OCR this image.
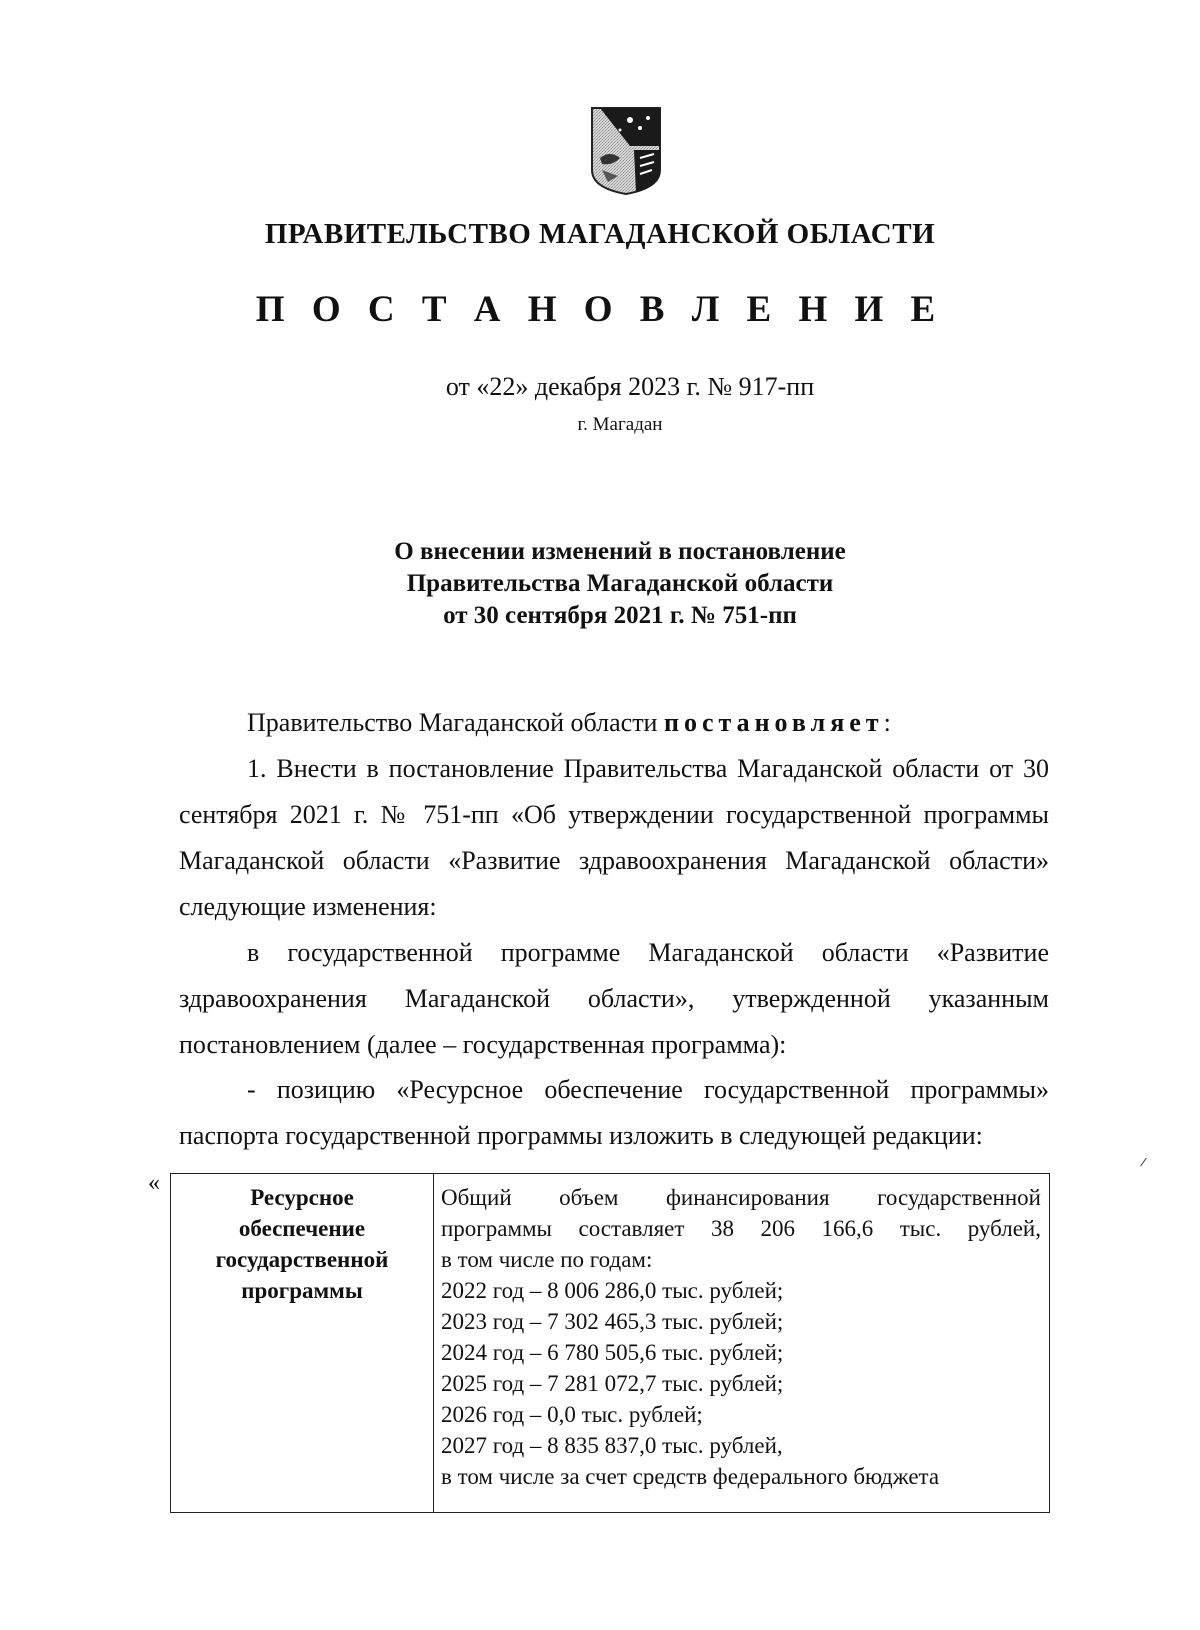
ПРАВИТЕЛЬСТВО МАГАДАНСКОЙ ОБЛАСТИ
П О С Т А Н О В Л Е Н И Е
от «22» декабря 2023 г. № 917-пп
г. Магадан
О внесении изменений в постановление
Правительства Магаданской области
от 30 сентября 2021 г. № 751-пп
Правительство Магаданской области постановляет:
1. Внести в постановление Правительства Магаданской области от 30 сентября 2021 г. № 751-пп «Об утверждении государственной программы Магаданской области «Развитие здравоохранения Магаданской области» следующие изменения:
в государственной программе Магаданской области «Развитие здравоохранения Магаданской области», утвержденной указанным постановлением (далее – государственная программа):
- позицию «Ресурсное обеспечение государственной программы» паспорта государственной программы изложить в следующей редакции:
«
Ресурсное
обеспечение
государственной
программы
Общий объем финансирования государственной
программы составляет 38 206 166,6 тыс. рублей,
в том числе по годам:
2022 год – 8 006 286,0 тыс. рублей;
2023 год – 7 302 465,3 тыс. рублей;
2024 год – 6 780 505,6 тыс. рублей;
2025 год – 7 281 072,7 тыс. рублей;
2026 год – 0,0 тыс. рублей;
2027 год – 8 835 837,0 тыс. рублей,
в том числе за счет средств федерального бюджета
